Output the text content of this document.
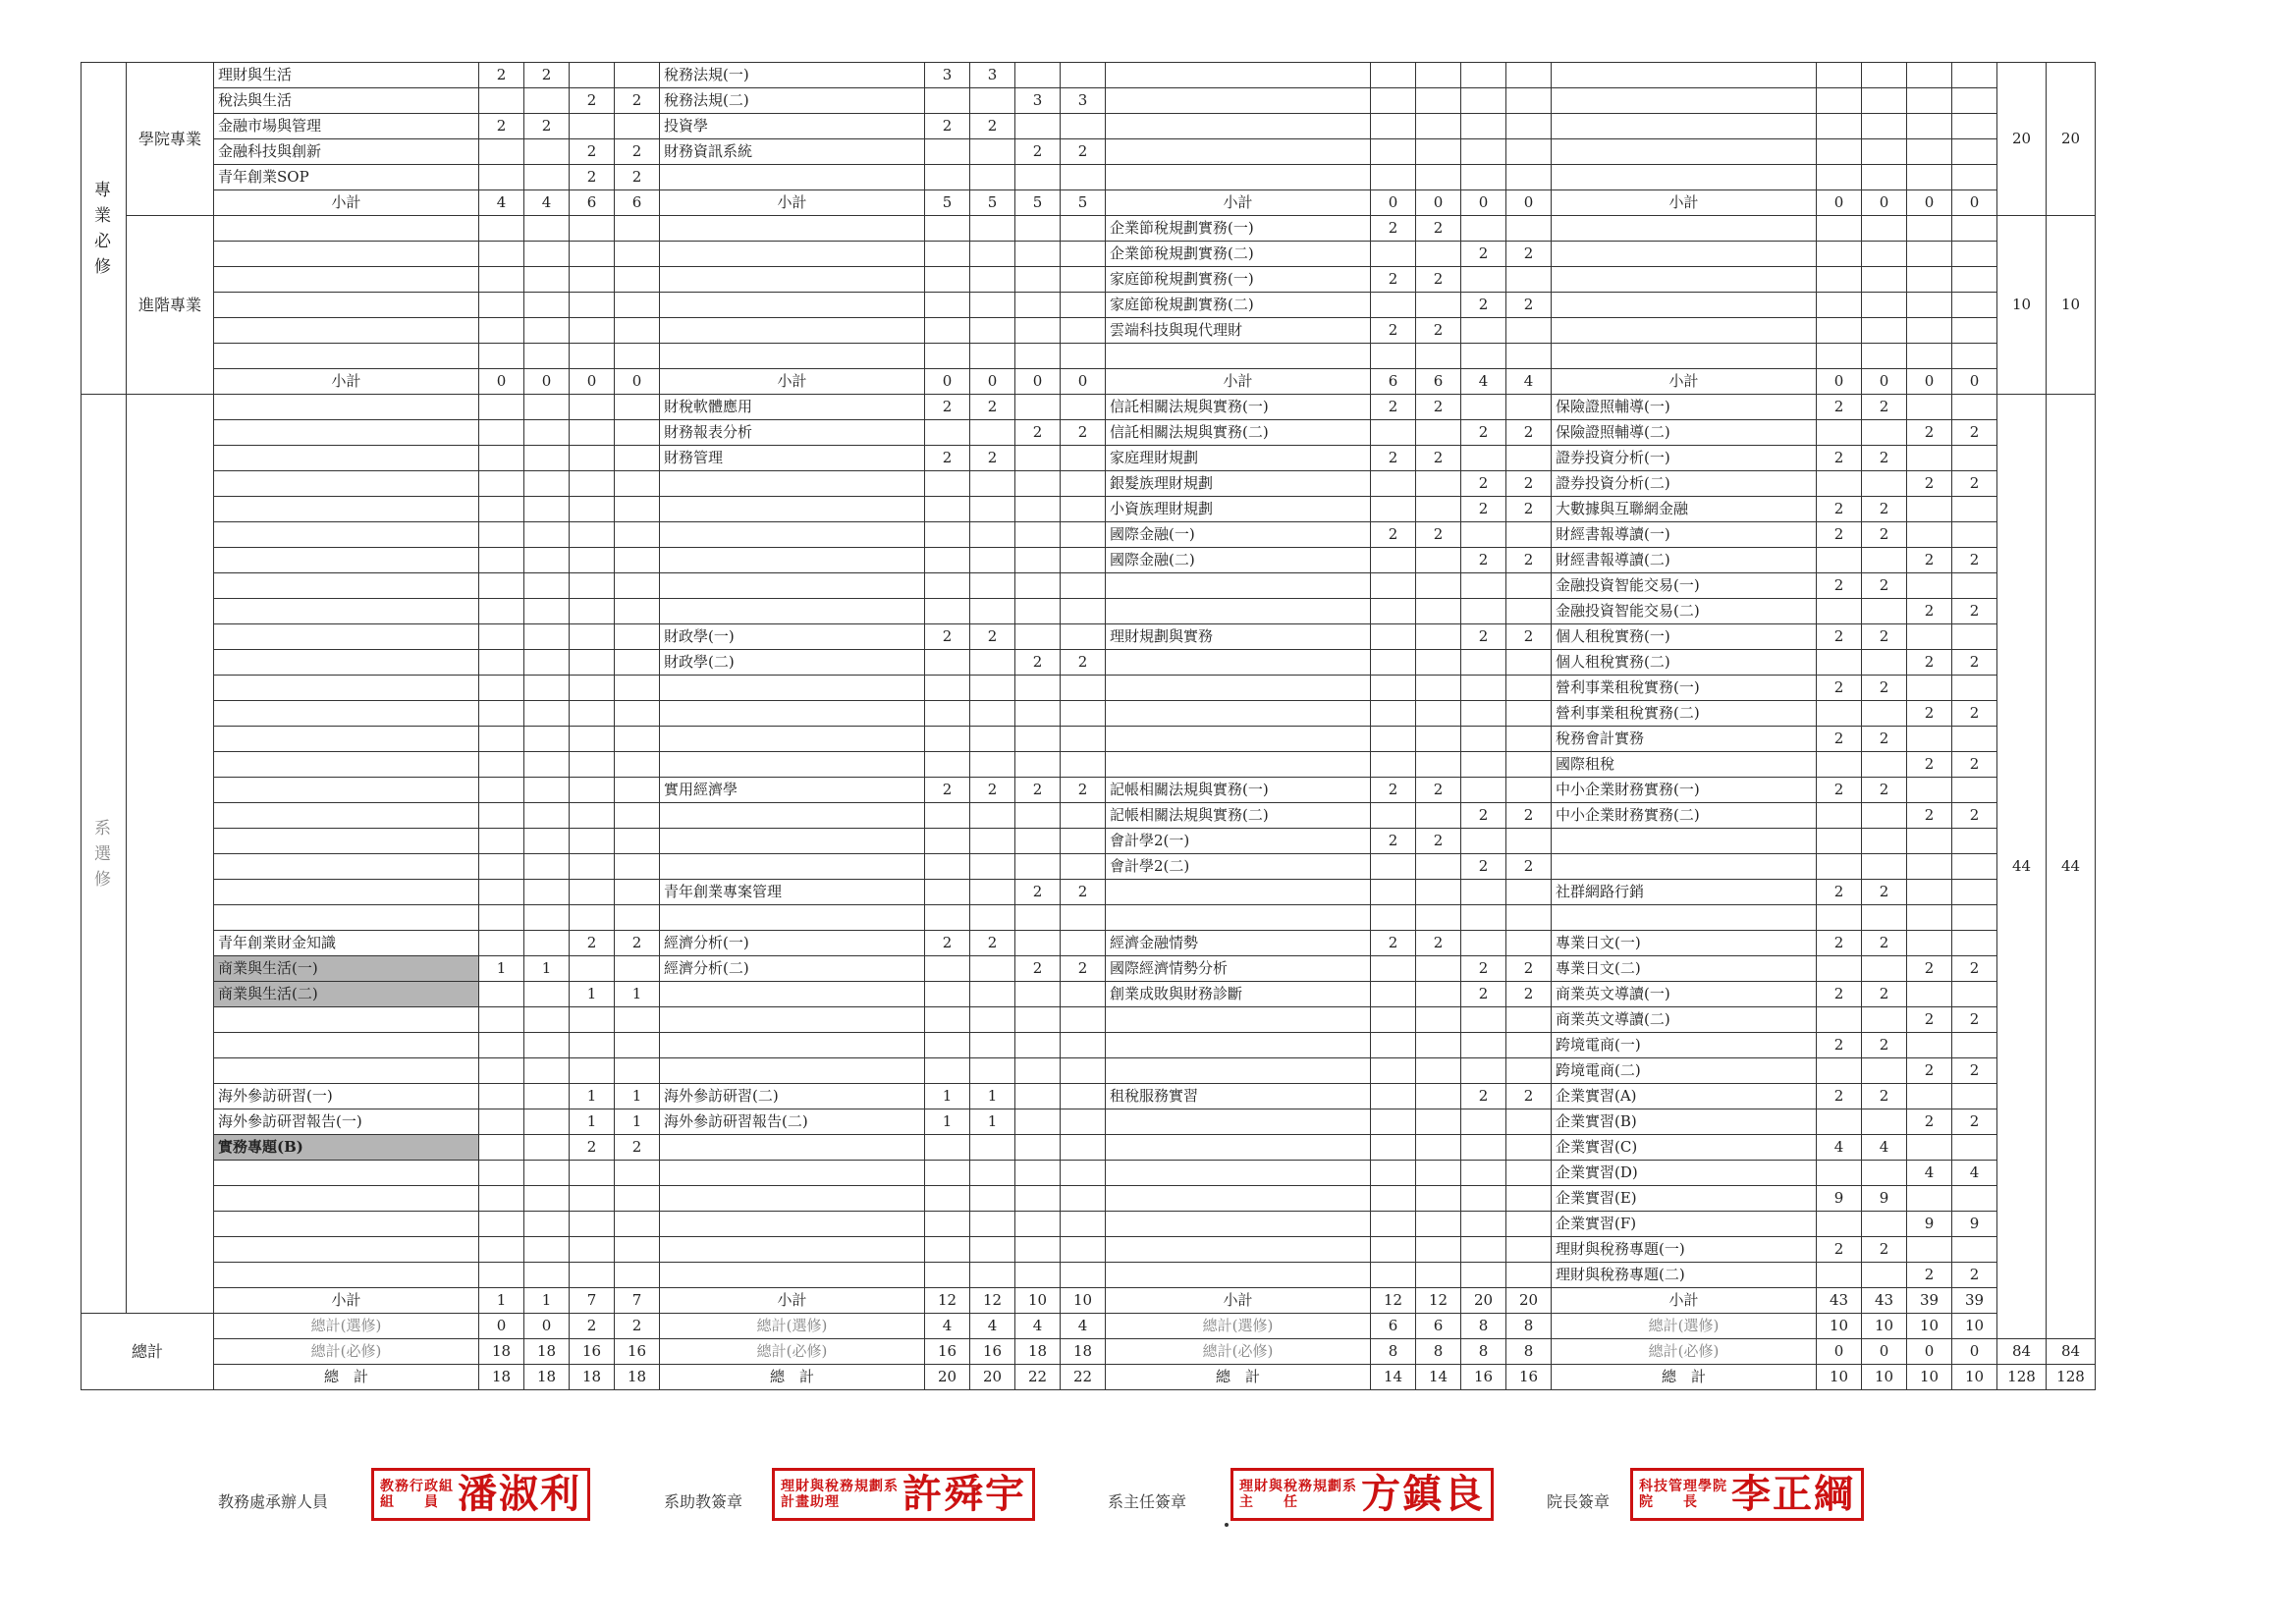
專業必修	學院專業	理財與生活	2	2			稅務法規(一)	3	3													20	20
		稅法與生活			2	2	稅務法規(二)			3	3												
		金融市場與管理	2	2			投資學	2	2														
		金融科技與創新			2	2	財務資訊系統			2	2												
		青年創業SOP			2	2																	
		小計	4	4	6	6	小計	5	5	5	5	小計	0	0	0	0	小計	0	0	0	0		
	進階專業											企業節稅規劃實務(一)	2	2								10	10
												企業節稅規劃實務(二)			2	2							
												家庭節稅規劃實務(一)	2	2									
												家庭節稅規劃實務(二)			2	2							
												雲端科技與現代理財	2	2									

		小計	0	0	0	0	小計	0	0	0	0	小計	6	6	4	4	小計	0	0	0	0		
系選修							財稅軟體應用	2	2			信託相關法規與實務(一)	2	2			保險證照輔導(一)	2	2			44	44
							財務報表分析			2	2	信託相關法規與實務(二)			2	2	保險證照輔導(二)			2	2		
							財務管理	2	2			家庭理財規劃	2	2			證券投資分析(一)	2	2				
												銀髮族理財規劃			2	2	證券投資分析(二)			2	2		
												小資族理財規劃			2	2	大數據與互聯網金融	2	2				
												國際金融(一)	2	2			財經書報導讀(一)	2	2				
												國際金融(二)			2	2	財經書報導讀(二)			2	2		
																	金融投資智能交易(一)	2	2				
																	金融投資智能交易(二)			2	2		
							財政學(一)	2	2			理財規劃與實務			2	2	個人租稅實務(一)	2	2				
							財政學(二)			2	2						個人租稅實務(二)			2	2		
																	營利事業租稅實務(一)	2	2				
																	營利事業租稅實務(二)			2	2		
																	稅務會計實務	2	2				
																	國際租稅			2	2		
							實用經濟學	2	2	2	2	記帳相關法規與實務(一)	2	2			中小企業財務實務(一)	2	2				
												記帳相關法規與實務(二)			2	2	中小企業財務實務(二)			2	2		
												會計學2(一)	2	2									
												會計學2(二)			2	2							
							青年創業專案管理			2	2						社群網路行銷	2	2				

		青年創業財金知識			2	2	經濟分析(一)	2	2			經濟金融情勢	2	2			專業日文(一)	2	2				
		商業與生活(一)	1	1			經濟分析(二)			2	2	國際經濟情勢分析			2	2	專業日文(二)			2	2		
		商業與生活(二)			1	1						創業成敗與財務診斷			2	2	商業英文導讀(一)	2	2				
																	商業英文導讀(二)			2	2		
																	跨境電商(一)	2	2				
																	跨境電商(二)			2	2		
		海外參訪研習(一)			1	1	海外參訪研習(二)	1	1			租稅服務實習			2	2	企業實習(A)	2	2				
		海外參訪研習報告(一)			1	1	海外參訪研習報告(二)	1	1								企業實習(B)			2	2		
		實務專題(B)			2	2											企業實習(C)	4	4				
																	企業實習(D)			4	4		
																	企業實習(E)	9	9				
																	企業實習(F)			9	9		
																	理財與稅務專題(一)	2	2				
																	理財與稅務專題(二)			2	2		
		小計	1	1	7	7	小計	12	12	10	10	小計	12	12	20	20	小計	43	43	39	39		
總計		總計(選修)	0	0	2	2	總計(選修)	4	4	4	4	總計(選修)	6	6	8	8	總計(選修)	10	10	10	10		
		總計(必修)	18	18	16	16	總計(必修)	16	16	18	18	總計(必修)	8	8	8	8	總計(必修)	0	0	0	0	84	84
		總　計	18	18	18	18	總　計	20	20	22	22	總　計	14	14	16	16	總　計	10	10	10	10	128	128
教務處承辦人員
教務行政組
組　　員 潘淑利	系助教簽章
理財與稅務規劃系
計畫助理	許舜宇	系主任簽章
理財與稅務規劃系
主　　任	方鎮良	院長簽章
科技管理學院
院　　長 李正綱
